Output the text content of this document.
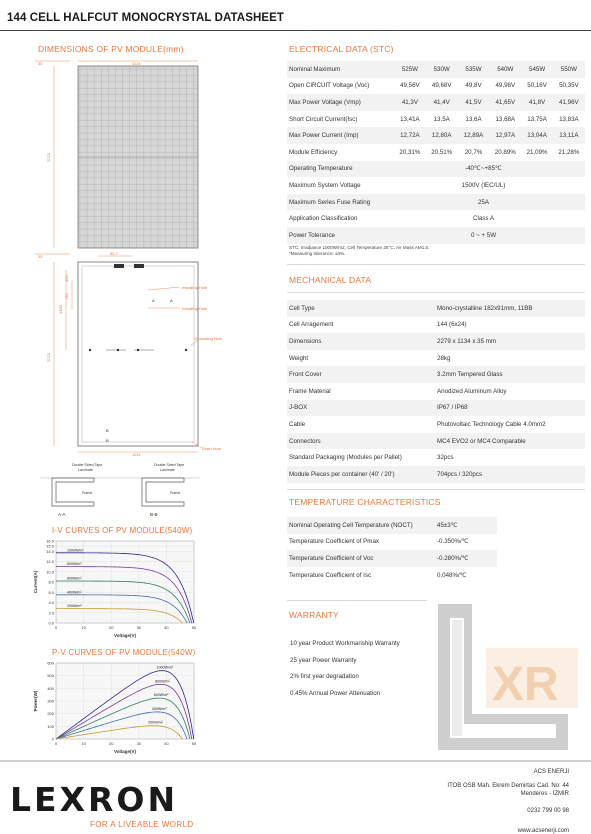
144 CELL HALFCUT MONOCRYSTAL DATASHEET
DIMENSIONS OF PV MODULE(mm)
35	1134
2279
35
2279
1400
790
400
50.7
Installing Hole
Installing Hole
Grounding Hole
A	A
B
B
1134
Drain Hole
Double Sided Tape
Laminate
Double Sided Tape
Laminate
Frame	Frame
A-A	B-B
I-V CURVES OF PV MODULE(540W)
0.0
2.0
4.0
6.0
8.0
10.0
12.0
14.0
15.0
16.0
0	10	20	30	40	50
Voltage(V)
Current(A)
1000W/m²
800W/m²
600W/m²
400W/m²
200W/m²
P-V CURVES OF PV MODULE(540W)
0
100
200
300
400
500
600
0	10	20	30	40	50
Voltage(V)
Power(W)
1000W/m²
800W/m²
600W/m²
400W/m²
200W/m²
ELECTRICAL DATA (STC)
Nominal Maximum	525W	530W	535W	540W	545W	550W
Open CIRCUIT Voltage (Voc)	49,56V	49,68V	49,8V	49,98V	50,16V	50,35V
Max Power Voltage (Vmp)	41,3V	41,4V	41,5V	41,65V	41,8V	41,96V
Short Circuit Current(Isc)	13,41A	13,5A	13,6A	13,68A	13,75A	13,83A
Max Power Current (Imp)	12,72A	12,80A	12,89A	12,97A	13,04A	13,11A
Module Efficiency	20,31%	20,51%	20,7%	20,89%	21,09%	21,28%
Operating Temperature	-40℃~+85℃
Maximum System Voltage	1500V (IEC/UL)
Maximum Series Fuse Rating	25A
Application Classification	Class A
Power Tolerance	0 ~ + 5W
STC; Irradiance 1000W/m2, Cell Temperature 25°C, Air Mass AM1.5.
*Measuring tolerance: ±3%.
MECHANICAL DATA
Cell Type	Mono-crystalline 182x91mm, 11BB
Cell Arragement	144 (6x24)
Dimensions	2279 x 1134 x 35 mm
Weight	28kg
Front Cover	3.2mm Tempered Glass
Frame Material	Anodized Aluminum Alloy
J-BOX	IP67 / IP68
Cable	Photovoltaic Technology Cable 4.0mm2
Connectors	MC4 EVO2 or MC4 Comparable
Standard Packaging (Modules per Pallet)	32pcs
Module Pieces per container (40' / 20')	704pcs / 320pcs
TEMPERATURE CHARACTERISTICS
Nominal Operating Cell Temperature (NOCT)	45±3℃
Temperature Coefficient of Pmax	-0.350%/℃
Temperature Coefficient of Voc	-0.280%/℃
Temperature Coefficient of Isc	0.048%/℃
WARRANTY
10 year Product Workmanship Warranty
25 year Power Warranty
2% first year degradation
0.45% Annual Power Attenuation	XR
LEXRON
FOR A LIVEABLE WORLD
ACS ENERJI
ITOB OSB Mah. Ekrem Demirtas Cad. No: 44
Menderes - IZMIR
0232 799 00 98
www.acsenerji.com
